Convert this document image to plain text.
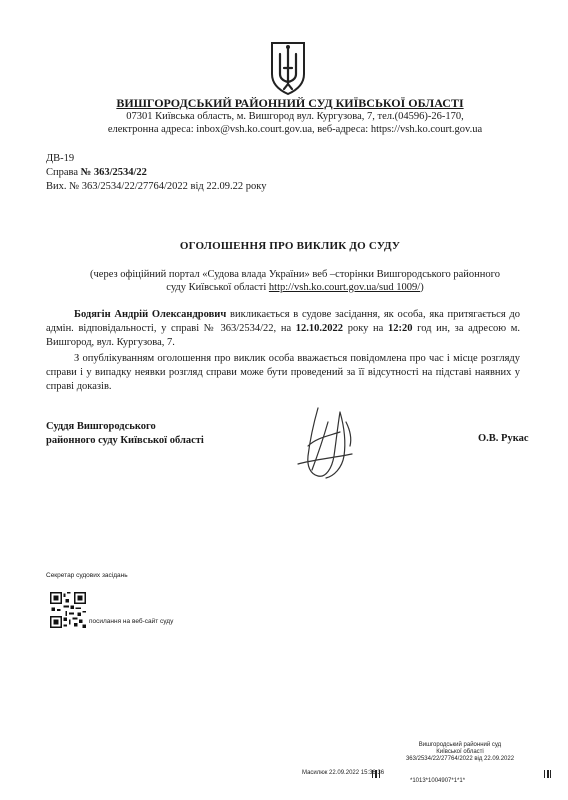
ВИШГОРОДСЬКИЙ РАЙОННИЙ СУД КИЇВСЬКОЇ ОБЛАСТІ
07301 Київська область, м. Вишгород вул. Кургузова, 7, тел.(04596)-26-170,
електронна адреса: inbox@vsh.ko.court.gov.ua, веб-адреса: https://vsh.ko.court.gov.ua
ДВ-19
Справа № 363/2534/22
Вих. № 363/2534/22/27764/2022 від 22.09.22 року
ОГОЛОШЕННЯ ПРО ВИКЛИК ДО СУДУ
(через офіційний портал «Судова влада України» веб –сторінки Вишгородського районного суду Київської області http://vsh.ko.court.gov.ua/sud 1009/)
Бодягін Андрій Олександрович викликається в судове засідання, як особа, яка притягається до адмін. відповідальності, у справі № 363/2534/22, на 12.10.2022 року на 12:20 год ин, за адресою м. Вишгород, вул. Кургузова, 7.
З опублікуванням оголошення про виклик особа вважається повідомлена про час і місце розгляду справи і у випадку неявки розгляд справи може бути проведений за її відсутності на підставі наявних у справі доказів.
Суддя Вишгородського
районного суду Київської області	О.В. Рукас
Секретар судових засідань
посилання на веб-сайт суду
Вишгородський районний суд
Київської області
363/2534/22/27764/2022 від 22.09.2022
*1013*1004907*1*1*
Масилюк 22.09.2022 15:36:36
